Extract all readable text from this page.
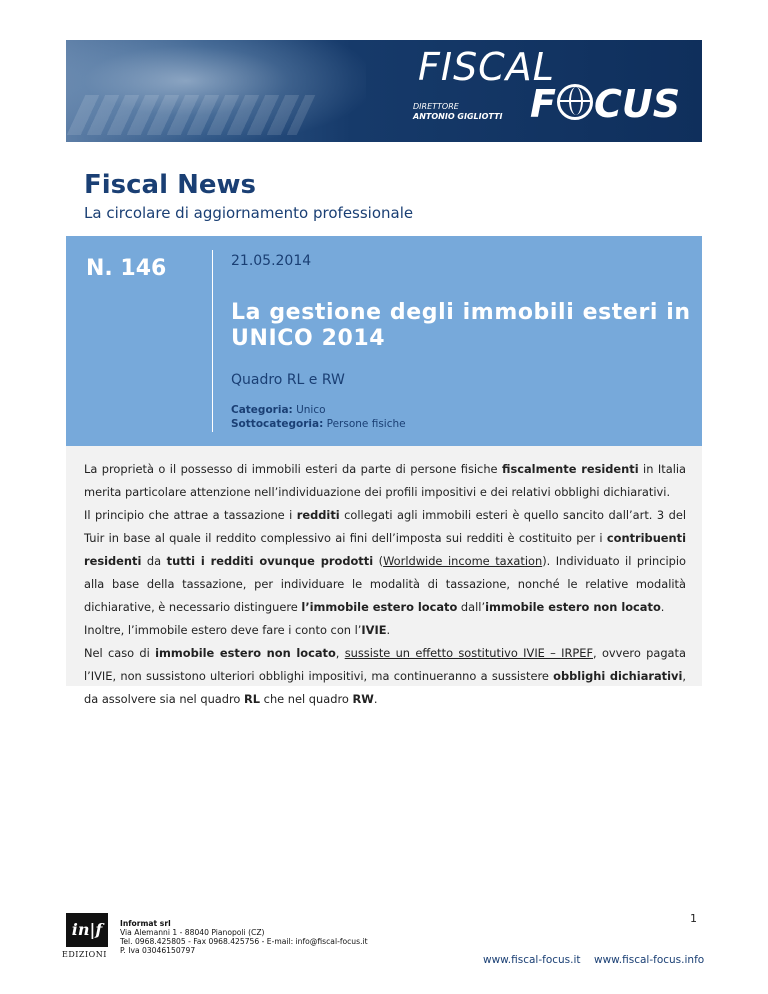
FISCAL
DIRETTORE
ANTONIO GIGLIOTTI F CUS
Fiscal News
La circolare di aggiornamento professionale
N. 146	21.05.2014
La gestione degli immobili esteri in UNICO 2014
Quadro RL e RW
Categoria: Unico
Sottocategoria: Persone fisiche

La proprietà o il possesso di immobili esteri da parte di persone fisiche fiscalmente residenti in Italia merita particolare attenzione nell’individuazione dei profili impositivi e dei relativi obblighi dichiarativi.

Il principio che attrae a tassazione i redditi collegati agli immobili esteri è quello sancito dall’art. 3 del Tuir in base al quale il reddito complessivo ai fini dell’imposta sui redditi è costituito per i contribuenti residenti da tutti i redditi ovunque prodotti (Worldwide income taxation). Individuato il principio alla base della tassazione, per individuare le modalità di tassazione, nonché le relative modalità dichiarative, è necessario distinguere l’immobile estero locato dall’immobile estero non locato.

Inoltre, l’immobile estero deve fare i conto con l’IVIE.

Nel caso di immobile estero non locato, sussiste un effetto sostitutivo IVIE – IRPEF, ovvero pagata l’IVIE, non sussistono ulteriori obblighi impositivi, ma continueranno a sussistere obblighi dichiarativi, da assolvere sia nel quadro RL che nel quadro RW.

1
in|f
EDIZIONI
Informat srl
Via Alemanni 1 - 88040 Pianopoli (CZ)
Tel. 0968.425805 - Fax 0968.425756 - E-mail: info@fiscal-focus.it
P. Iva 03046150797
www.fiscal-focus.it www.fiscal-focus.info
